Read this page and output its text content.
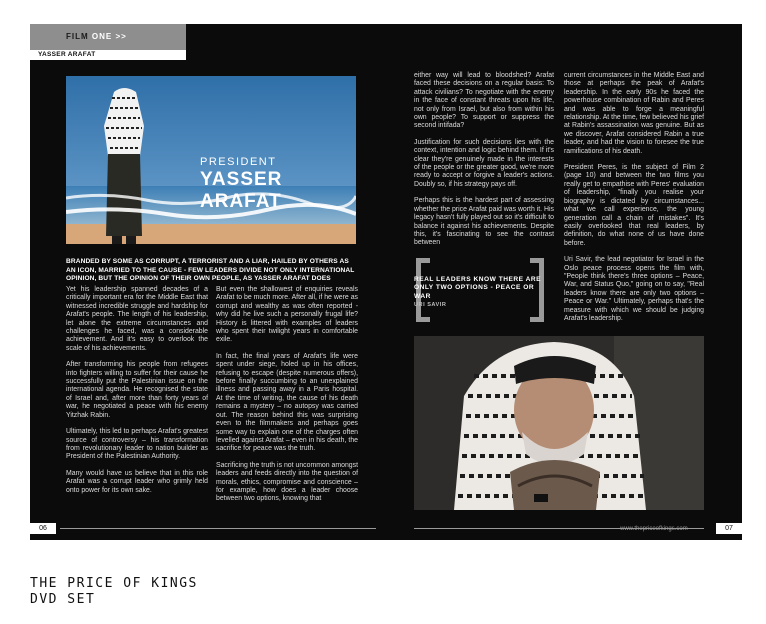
FILM ONE >>
YASSER ARAFAT
PRESIDENT
YASSER ARAFAT
BRANDED BY SOME AS CORRUPT, A TERRORIST AND A LIAR, HAILED BY OTHERS AS AN ICON, MARRIED TO THE CAUSE - FEW LEADERS DIVIDE NOT ONLY INTERNATIONAL OPINION, BUT THE OPINION OF THEIR OWN PEOPLE, AS YASSER ARAFAT DOES

Yet his leadership spanned decades of a critically important era for the Middle East that witnessed incredible struggle and hardship for Arafat's people. The length of his leadership, let alone the extreme circumstances and challenges he faced, was a considerable achievement. And it's easy to overlook the scale of his achievements.

After transforming his people from refugees into fighters willing to suffer for their cause he successfully put the Palestinian issue on the international agenda. He recognised the state of Israel and, after more than forty years of war, he negotiated a peace with his enemy Yitzhak Rabin.

Ultimately, this led to perhaps Arafat's greatest source of controversy – his transformation from revolutionary leader to nation builder as President of the Palestinian Authority.

Many would have us believe that in this role Arafat was a corrupt leader who grimly held onto power for its own sake.

But even the shallowest of enquiries reveals Arafat to be much more. After all, if he were as corrupt and wealthy as was often reported - why did he live such a personally frugal life? History is littered with examples of leaders who spent their twilight years in comfortable exile.

In fact, the final years of Arafat's life were spent under siege, holed up in his offices, refusing to escape (despite numerous offers), before finally succumbing to an unexplained illness and passing away in a Paris hospital. At the time of writing, the cause of his death remains a mystery – no autopsy was carried out. The reason behind this was surprising even to the filmmakers and perhaps goes some way to explain one of the charges often levelled against Arafat – even in his death, the sacrifice for peace was the truth.

Sacrificing the truth is not uncommon amongst leaders and feeds directly into the question of morals, ethics, compromise and conscience – for example, how does a leader choose between two options, knowing that

either way will lead to bloodshed? Arafat faced these decisions on a regular basis: To attack civilians? To negotiate with the enemy in the face of constant threats upon his life, not only from Israel, but also from within his own people? To support or suppress the second intifada?

Justification for such decisions lies with the context, intention and logic behind them. If it's clear they're genuinely made in the interests of the people or the greater good, we're more ready to accept or forgive a leader's actions. Doubly so, if his strategy pays off.

Perhaps this is the hardest part of assessing whether the price Arafat paid was worth it. His legacy hasn't fully played out so it's difficult to balance it against his achievements. Despite this, it's fascinating to see the contrast between

current circumstances in the Middle East and those at perhaps the peak of Arafat's leadership. In the early 90s he faced the powerhouse combination of Rabin and Peres and was able to forge a meaningful relationship. At the time, few believed his grief at Rabin's assassination was genuine. But as we discover, Arafat considered Rabin a true leader, and had the vision to foresee the true ramifications of his death.

President Peres, is the subject of Film 2 (page 10) and between the two films you really get to empathise with Peres' evaluation of leadership, "finally you realise your biography is dictated by circumstances... what we call experience, the young generation call a chain of mistakes". It's easily overlooked that real leaders, by definition, do what none of us have done before.

Uri Savir, the lead negotiator for Israel in the Oslo peace process opens the film with, "People think there's three options – Peace, War, and Status Quo," going on to say, "Real leaders know there are only two options – Peace or War." Ultimately, perhaps that's the measure with which we should be judging Arafat's leadership.

REAL LEADERS KNOW THERE ARE ONLY TWO OPTIONS - PEACE OR WAR
URI SAVIR
06	www.thepriceofkings.com	07
THE PRICE OF KINGS
DVD SET
